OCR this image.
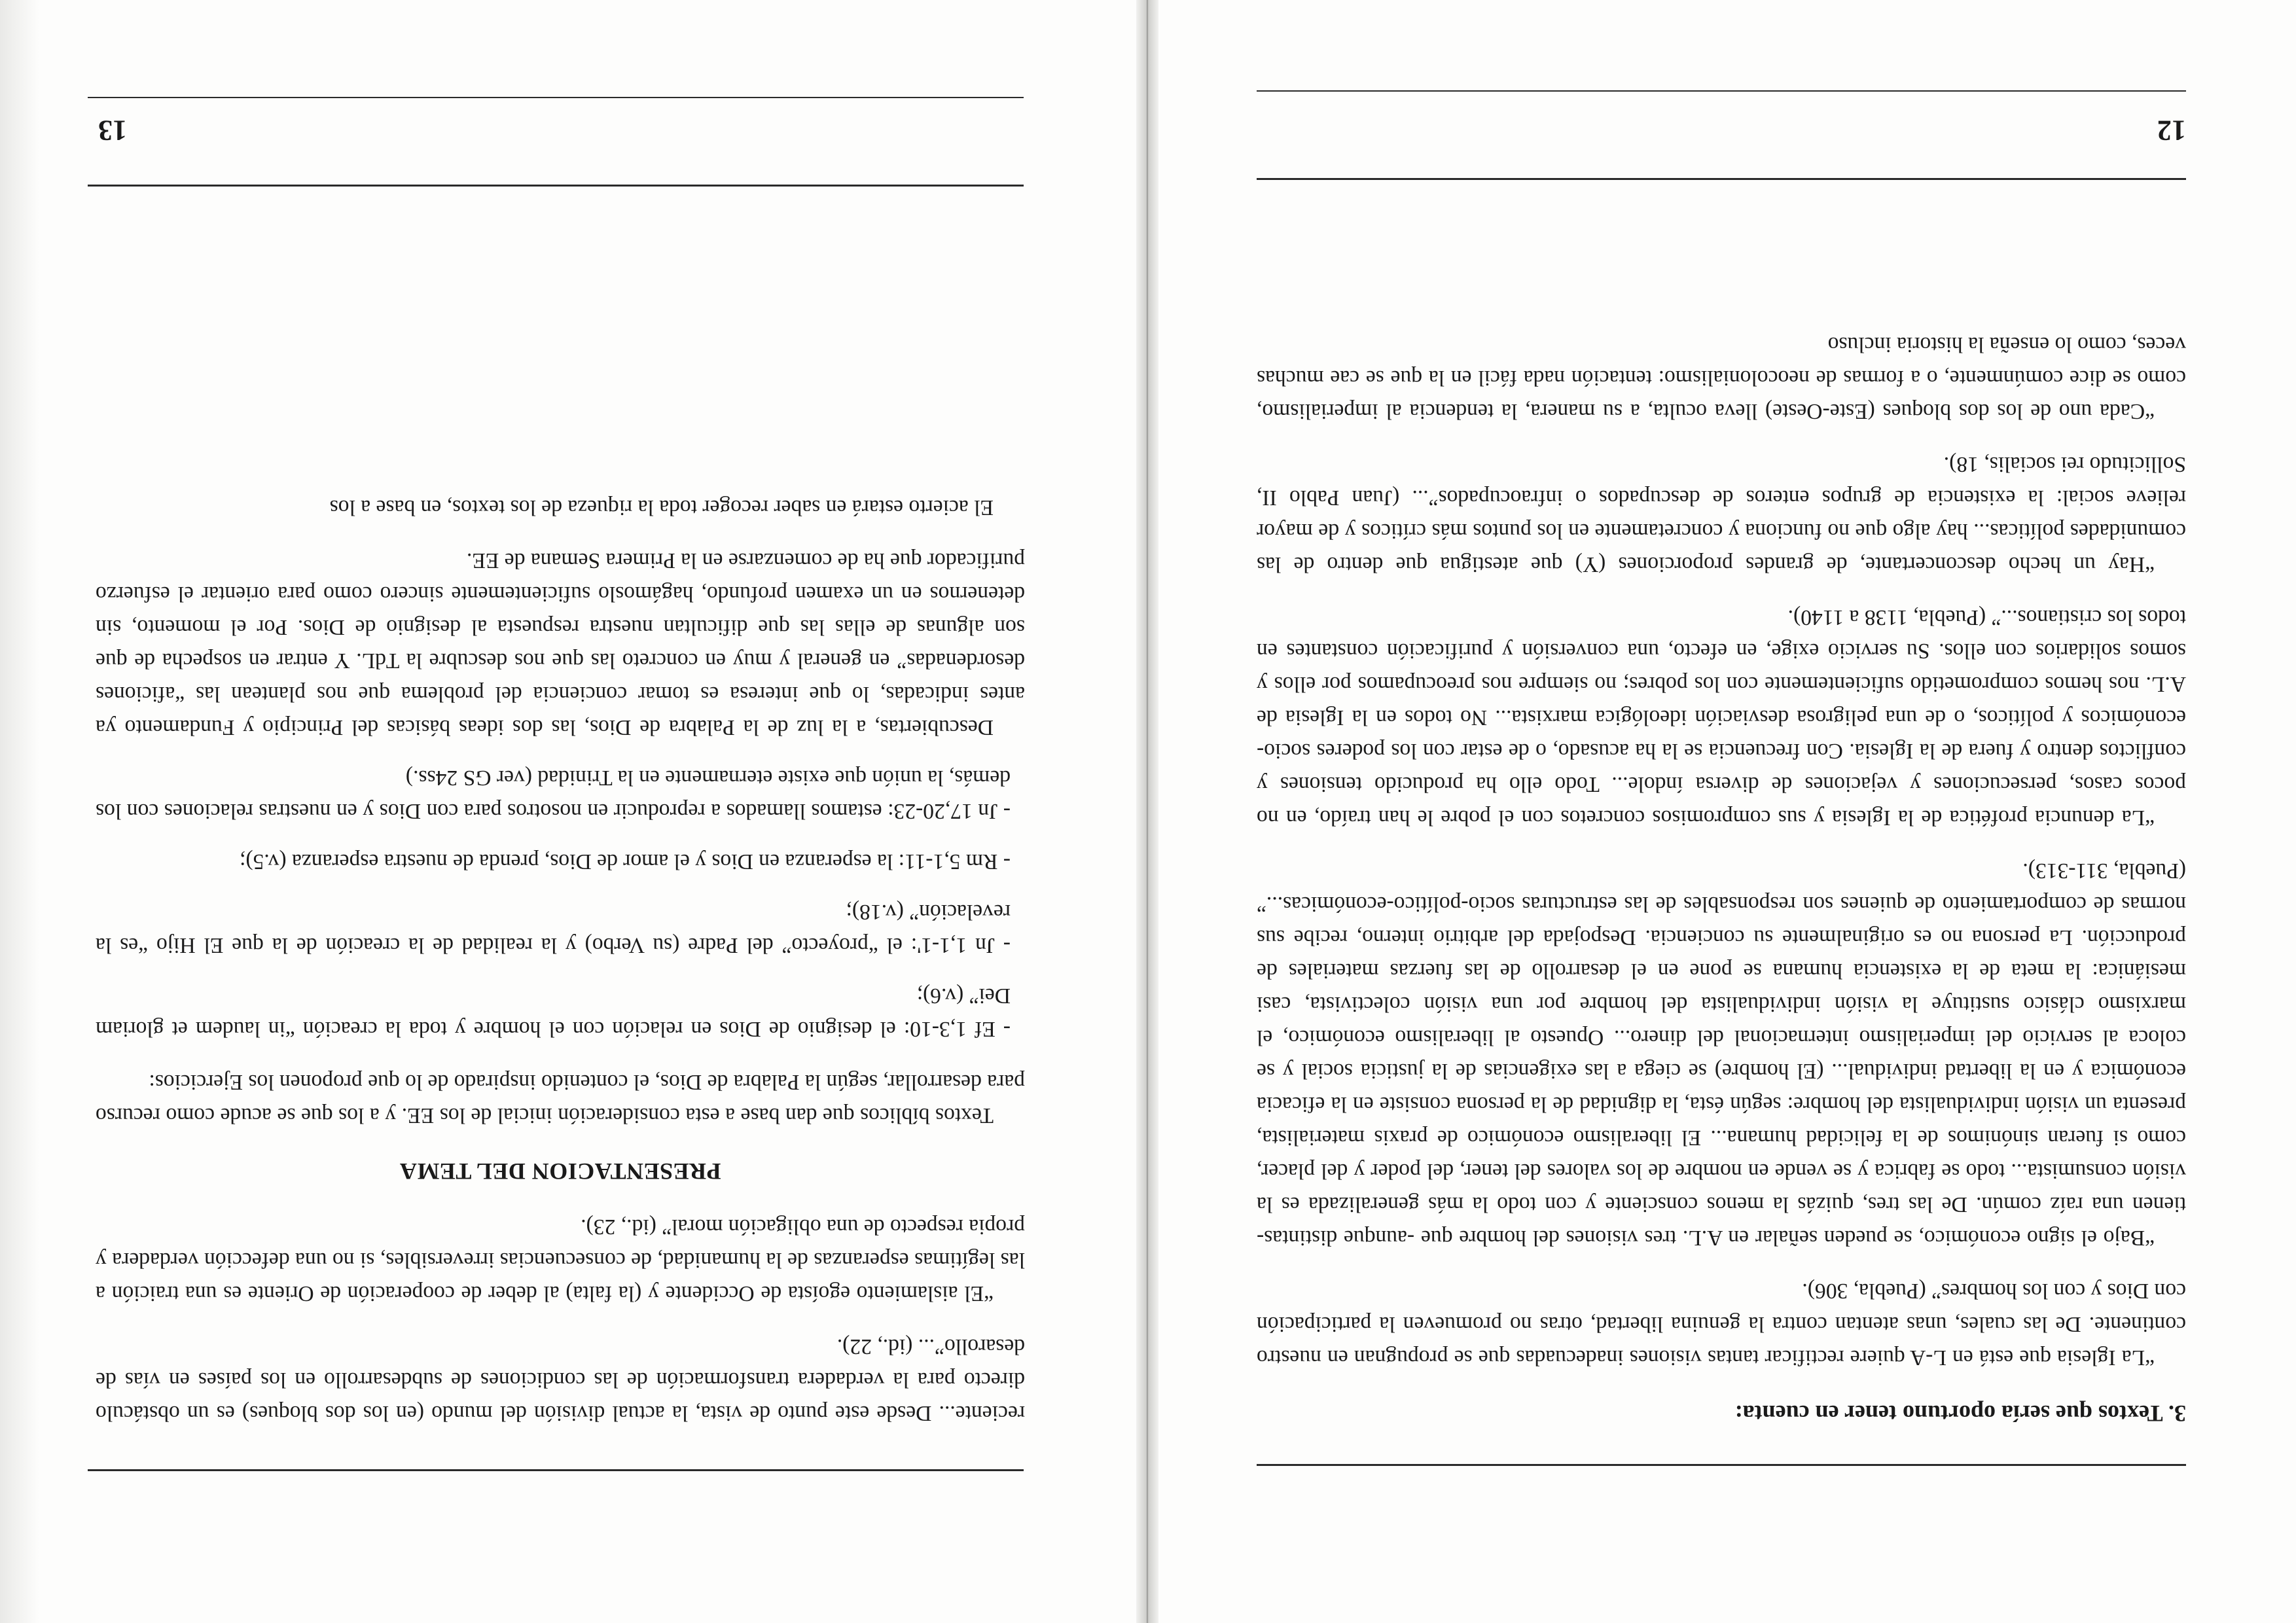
3. Textos que sería oportuno tener en cuenta:

“La Iglesia que está en L-A quiere rectificar tantas visiones inadecuadas que se propugnan en nuestro continente. De las cuales, unas atentan contra la genuina libertad, otras no promueven la participación con Dios y con los hombres” (Puebla, 306).

“Bajo el signo económico, se pueden señalar en A.L. tres visiones del hombre que -aunque distintas- tienen una raíz común. De las tres, quizás la menos consciente y con todo la más generalizada es la visión consumista... todo se fabrica y se vende en nombre de los valores del tener, del poder y del placer, como si fueran sinónimos de la felicidad humana... El liberalismo económico de praxis materialista, presenta un visión individualista del hombre: según ésta, la dignidad de la persona consiste en la eficacia económica y en la libertad individual... (El hombre) se ciega a las exigencias de la justicia social y se coloca al servicio del imperialismo internacional del dinero... Opuesto al liberalismo económico, el marxismo clásico sustituye la visión individualista del hombre por una visión colectivista, casi mesiánica: la meta de la existencia humana se pone en el desarrollo de las fuerzas materiales de producción. La persona no es originalmente su conciencia. Despojada del arbitrio interno, recibe sus normas de comportamiento de quienes son responsables de las estructuras socio-político-económicas...” (Puebla, 311-313).

“La denuncia profética de la Iglesia y sus compromisos concretos con el pobre le han traído, en no pocos casos, persecuciones y vejaciones de diversa índole... Todo ello ha producido tensiones y conflictos dentro y fuera de la Iglesia. Con frecuencia se la ha acusado, o de estar con los poderes socio-económicos y políticos, o de una peligrosa desviación ideológica marxista... No todos en la Iglesia de A.L. nos hemos comprometido suficientemente con los pobres; no siempre nos preocupamos por ellos y somos solidarios con ellos. Su servicio exige, en efecto, una conversión y purificación constantes en todos los cristianos...” (Puebla, 1138 a 1140).

“Hay un hecho desconcertante, de grandes proporciones (Y) que atestigua que dentro de las comunidades políticas... hay algo que no funciona y concretamente en los puntos más críticos y de mayor relieve social: la existencia de grupos enteros de descupados o infraocupados”... (Juan Pablo II, Sollicitudo rei socialis, 18).

“Cada uno de los dos bloques (Este-Oeste) lleva oculta, a su manera, la tendencia al imperialismo, como se dice comúnmente, o a formas de neocolonialismo: tentación nada fácil en la que se cae muchas veces, como lo enseña la historia incluso

12

reciente... Desde este punto de vista, la actual división del mundo (en los dos bloques) es un obstáculo directo para la verdadera transformación de las condiciones de subdesarrollo en los países en vías de desarollo”... (id., 22).

“El aislamiento egoísta de Occidente y (la falta) al deber de cooperación de Oriente es una traición a las legítimas esperanzas de la humanidad, de consecuencias irreversibles, si no una defección verdadera y propia respecto de una obligación moral” (id., 23).

PRESENTACION DEL TEMA

Textos bíblicos que dan base a esta consideración inicial de los EE. y a los que se acude como recurso para desarrollar, según la Palabra de Dios, el contenido inspirado de lo que proponen los Ejercicios:

- Ef 1,3-10: el designio de Dios en relación con el hombre y toda la creación “in laudem et gloriam Dei” (v.6);

- Jn 1,1-1': el “proyecto” del Padre (su Verbo) y la realidad de la creación de la que El Hijo “es la revelación” (v.18);

- Rm 5,1-11: la esperanza en Dios y el amor de Dios, prenda de nuestra esperanza (v.5);

- Jn 17,20-23: estamos llamados a reproducir en nosotros para con Dios y en nuestras relaciones con los demás, la unión que existe eternamente en la Trinidad (ver GS 24ss.)

Descubiertas, a la luz de la Palabra de Dios, las dos ideas básicas del Principio y Fundamento ya antes indicadas, lo que interesa es tomar conciencia del problema que nos plantean las “aficiones desordenadas” en general y muy en concreto las que nos descubre la TdL. Y entrar en sospecha de que son algunas de ellas las que dificultan nuestra respuesta al designio de Dios. Por el momento, sin detenernos en un examen profundo, hagámoslo suficientemente sincero como para orientar el esfuerzo purificador que ha de comenzarse en la Primera Semana de EE.

El acierto estará en saber recoger toda la riqueza de los textos, en base a los

13
